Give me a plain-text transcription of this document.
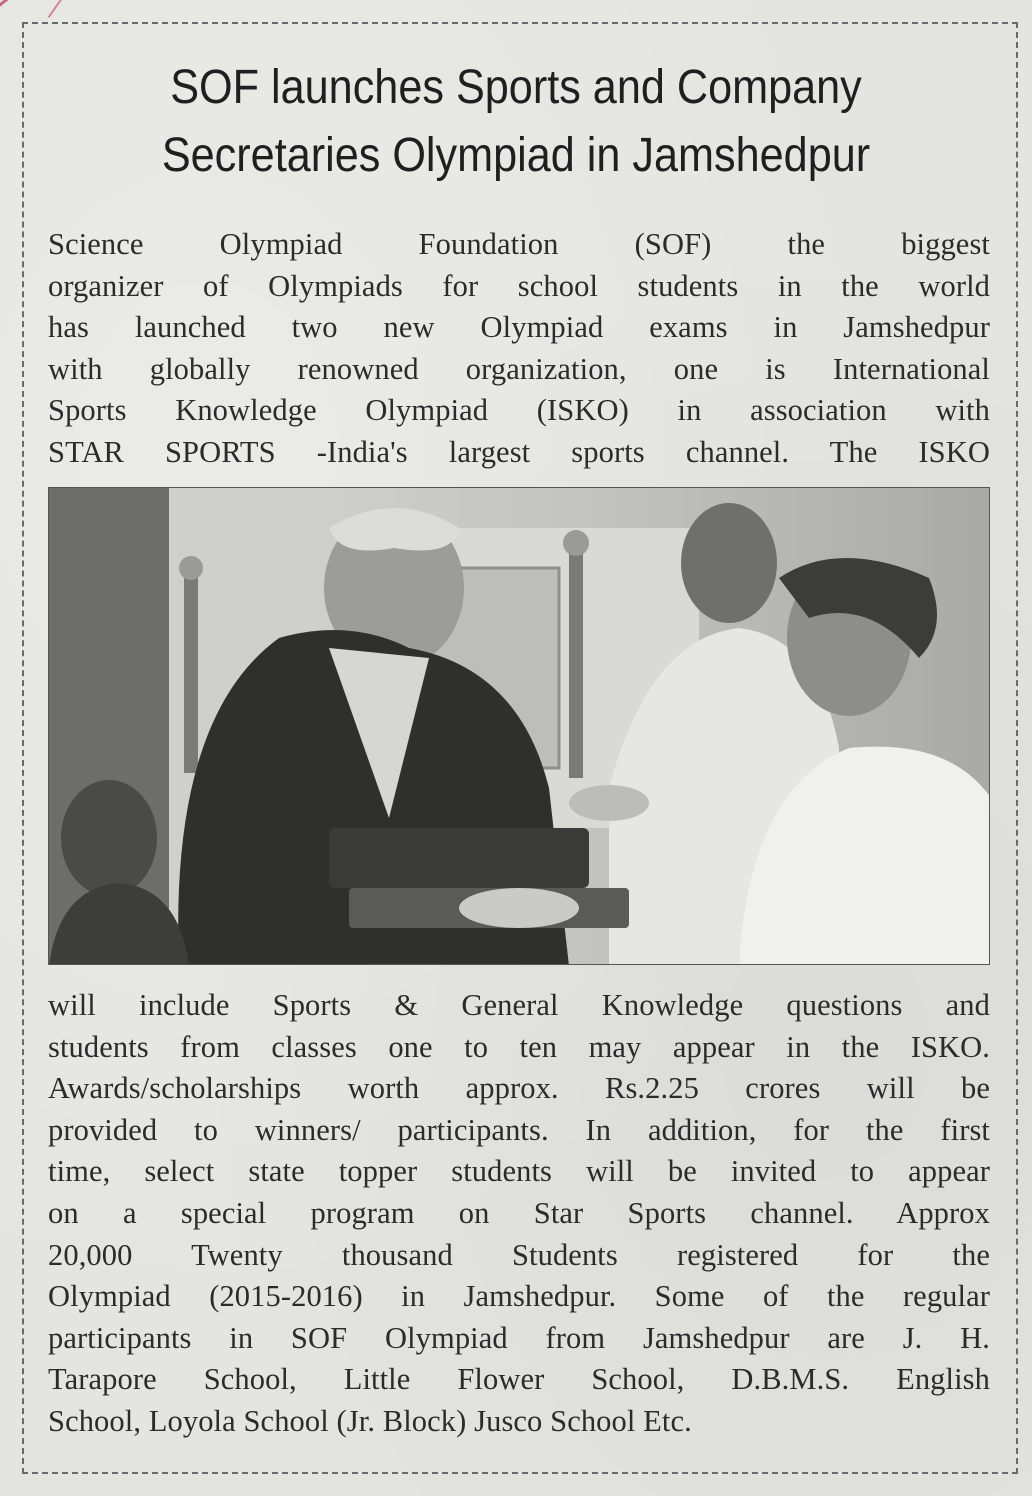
SOF launches Sports and Company
Secretaries Olympiad in Jamshedpur
Science Olympiad Foundation (SOF) the biggest
organizer of Olympiads for school students in the world
has launched two new Olympiad exams in Jamshedpur
with globally renowned organization, one is International
Sports Knowledge Olympiad (ISKO) in association with
STAR SPORTS -India's largest sports channel. The ISKO
will include Sports & General Knowledge questions and
students from classes one to ten may appear in the ISKO.
Awards/scholarships worth approx. Rs.2.25 crores will be
provided to winners/ participants. In addition, for the first
time, select state topper students will be invited to appear
on a special program on Star Sports channel. Approx
20,000 Twenty thousand Students registered for the
Olympiad (2015-2016) in Jamshedpur. Some of the regular
participants in SOF Olympiad from Jamshedpur are J. H.
Tarapore School, Little Flower School, D.B.M.S. English
School, Loyola School (Jr. Block) Jusco School Etc.
